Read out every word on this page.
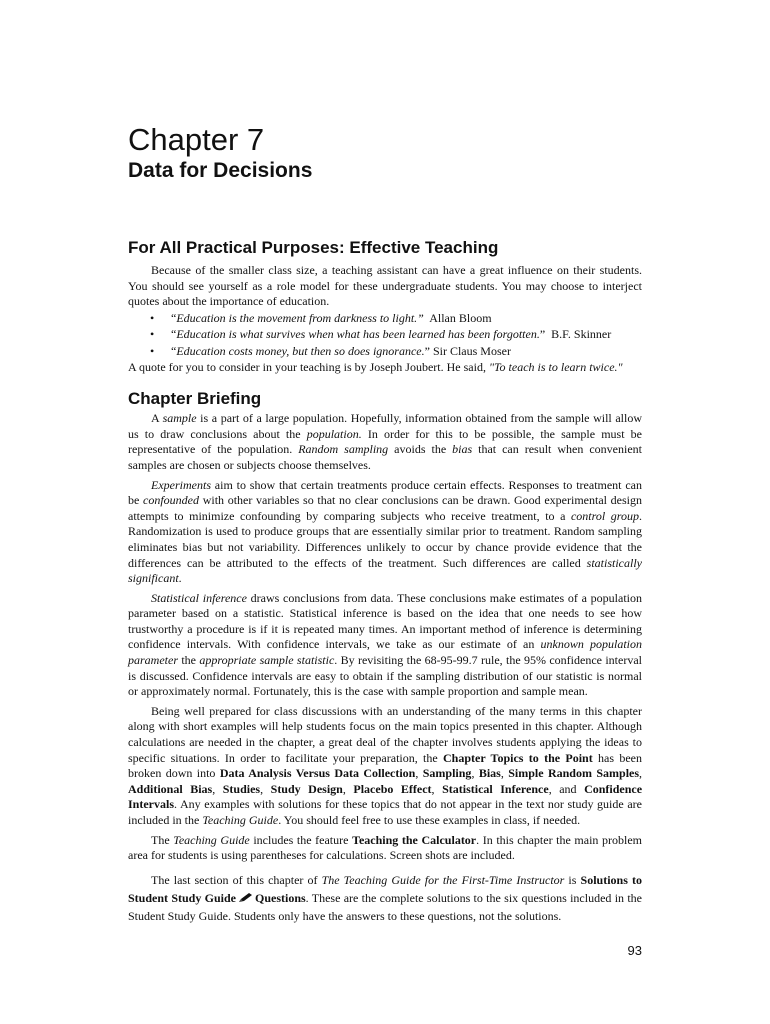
Chapter 7
Data for Decisions
For All Practical Purposes: Effective Teaching

Because of the smaller class size, a teaching assistant can have a great influence on their students. You should see yourself as a role model for these undergraduate students. You may choose to interject quotes about the importance of education.

• “Education is the movement from darkness to light.” Allan Bloom
• “Education is what survives when what has been learned has been forgotten.” B.F. Skinner
• “Education costs money, but then so does ignorance.” Sir Claus Moser

A quote for you to consider in your teaching is by Joseph Joubert. He said, "To teach is to learn twice."

Chapter Briefing

A sample is a part of a large population. Hopefully, information obtained from the sample will allow us to draw conclusions about the population. In order for this to be possible, the sample must be representative of the population. Random sampling avoids the bias that can result when convenient samples are chosen or subjects choose themselves.

Experiments aim to show that certain treatments produce certain effects. Responses to treatment can be confounded with other variables so that no clear conclusions can be drawn. Good experimental design attempts to minimize confounding by comparing subjects who receive treatment, to a control group. Randomization is used to produce groups that are essentially similar prior to treatment. Random sampling eliminates bias but not variability. Differences unlikely to occur by chance provide evidence that the differences can be attributed to the effects of the treatment. Such differences are called statistically significant.

Statistical inference draws conclusions from data. These conclusions make estimates of a population parameter based on a statistic. Statistical inference is based on the idea that one needs to see how trustworthy a procedure is if it is repeated many times. An important method of inference is determining confidence intervals. With confidence intervals, we take as our estimate of an unknown population parameter the appropriate sample statistic. By revisiting the 68-95-99.7 rule, the 95% confidence interval is discussed. Confidence intervals are easy to obtain if the sampling distribution of our statistic is normal or approximately normal. Fortunately, this is the case with sample proportion and sample mean.

Being well prepared for class discussions with an understanding of the many terms in this chapter along with short examples will help students focus on the main topics presented in this chapter. Although calculations are needed in the chapter, a great deal of the chapter involves students applying the ideas to specific situations. In order to facilitate your preparation, the Chapter Topics to the Point has been broken down into Data Analysis Versus Data Collection, Sampling, Bias, Simple Random Samples, Additional Bias, Studies, Study Design, Placebo Effect, Statistical Inference, and Confidence Intervals. Any examples with solutions for these topics that do not appear in the text nor study guide are included in the Teaching Guide. You should feel free to use these examples in class, if needed.

The Teaching Guide includes the feature Teaching the Calculator. In this chapter the main problem area for students is using parentheses for calculations. Screen shots are included.

The last section of this chapter of The Teaching Guide for the First-Time Instructor is Solutions to Student Study Guide Questions. These are the complete solutions to the six questions included in the Student Study Guide. Students only have the answers to these questions, not the solutions.

93
